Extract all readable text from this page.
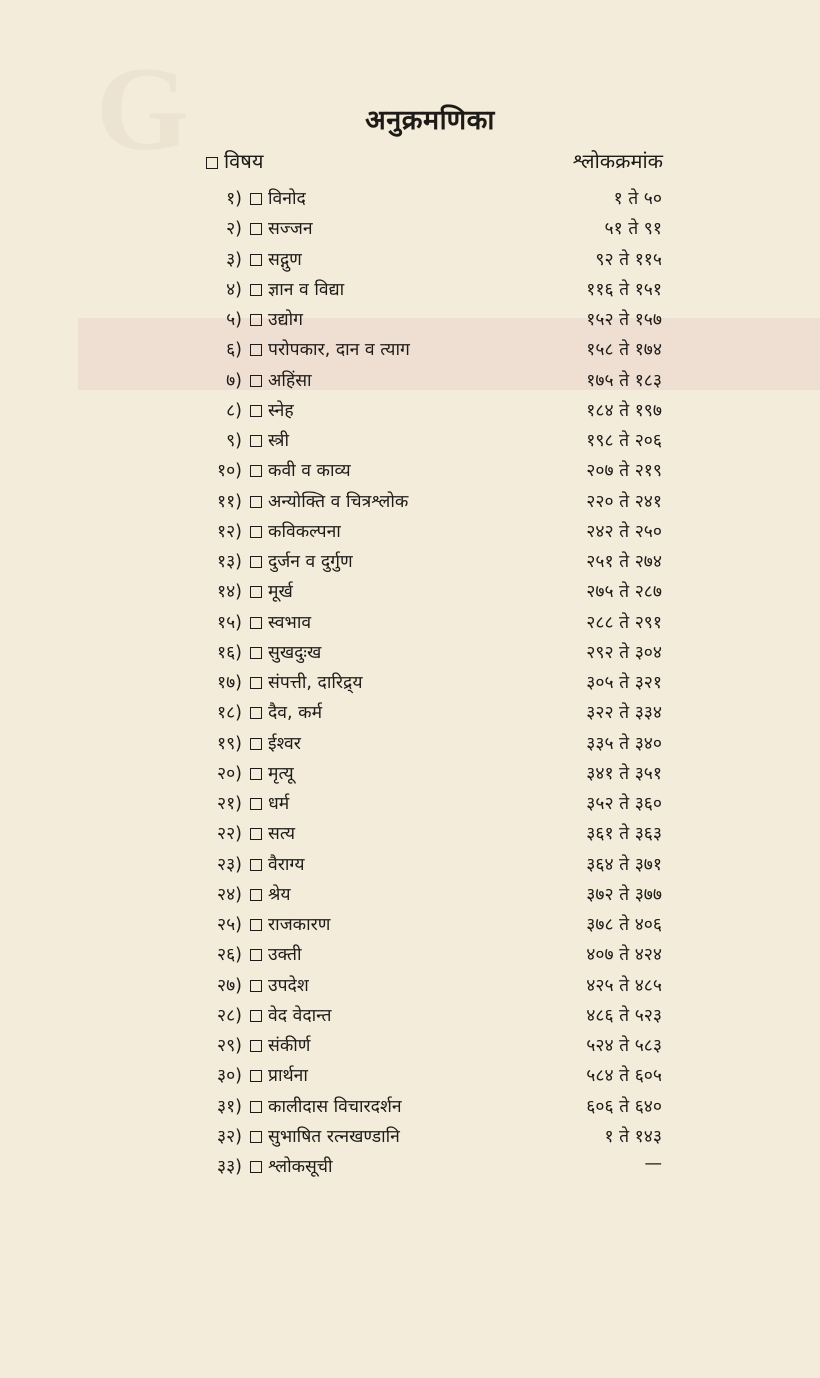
G	अनुक्रमणिका
विषय	श्लोकक्रमांक
१)	विनोद	१ ते ५०
२)	सज्जन	५१ ते ९१
३)	सद्गुण	९२ ते ११५
४)	ज्ञान व विद्या	११६ ते १५१
५)	उद्योग	१५२ ते १५७
६)	परोपकार, दान व त्याग	१५८ ते १७४
७)	अहिंसा	१७५ ते १८३
८)	स्नेह	१८४ ते १९७
९)	स्त्री	१९८ ते २०६
१०)	कवी व काव्य	२०७ ते २१९
११)	अन्योक्ति व चित्रश्लोक	२२० ते २४१
१२)	कविकल्पना	२४२ ते २५०
१३)	दुर्जन व दुर्गुण	२५१ ते २७४
१४)	मूर्ख	२७५ ते २८७
१५)	स्वभाव	२८८ ते २९१
१६)	सुखदुःख	२९२ ते ३०४
१७)	संपत्ती, दारिद्र्य	३०५ ते ३२१
१८)	दैव, कर्म	३२२ ते ३३४
१९)	ईश्वर	३३५ ते ३४०
२०)	मृत्यू	३४१ ते ३५१
२१)	धर्म	३५२ ते ३६०
२२)	सत्य	३६१ ते ३६३
२३)	वैराग्य	३६४ ते ३७१
२४)	श्रेय	३७२ ते ३७७
२५)	राजकारण	३७८ ते ४०६
२६)	उक्ती	४०७ ते ४२४
२७)	उपदेश	४२५ ते ४८५
२८)	वेद वेदान्त	४८६ ते ५२३
२९)	संकीर्ण	५२४ ते ५८३
३०)	प्रार्थना	५८४ ते ६०५
३१)	कालीदास विचारदर्शन	६०६ ते ६४०
३२)	सुभाषित रत्नखण्डानि	१ ते १४३
३३)	श्लोकसूची	—
